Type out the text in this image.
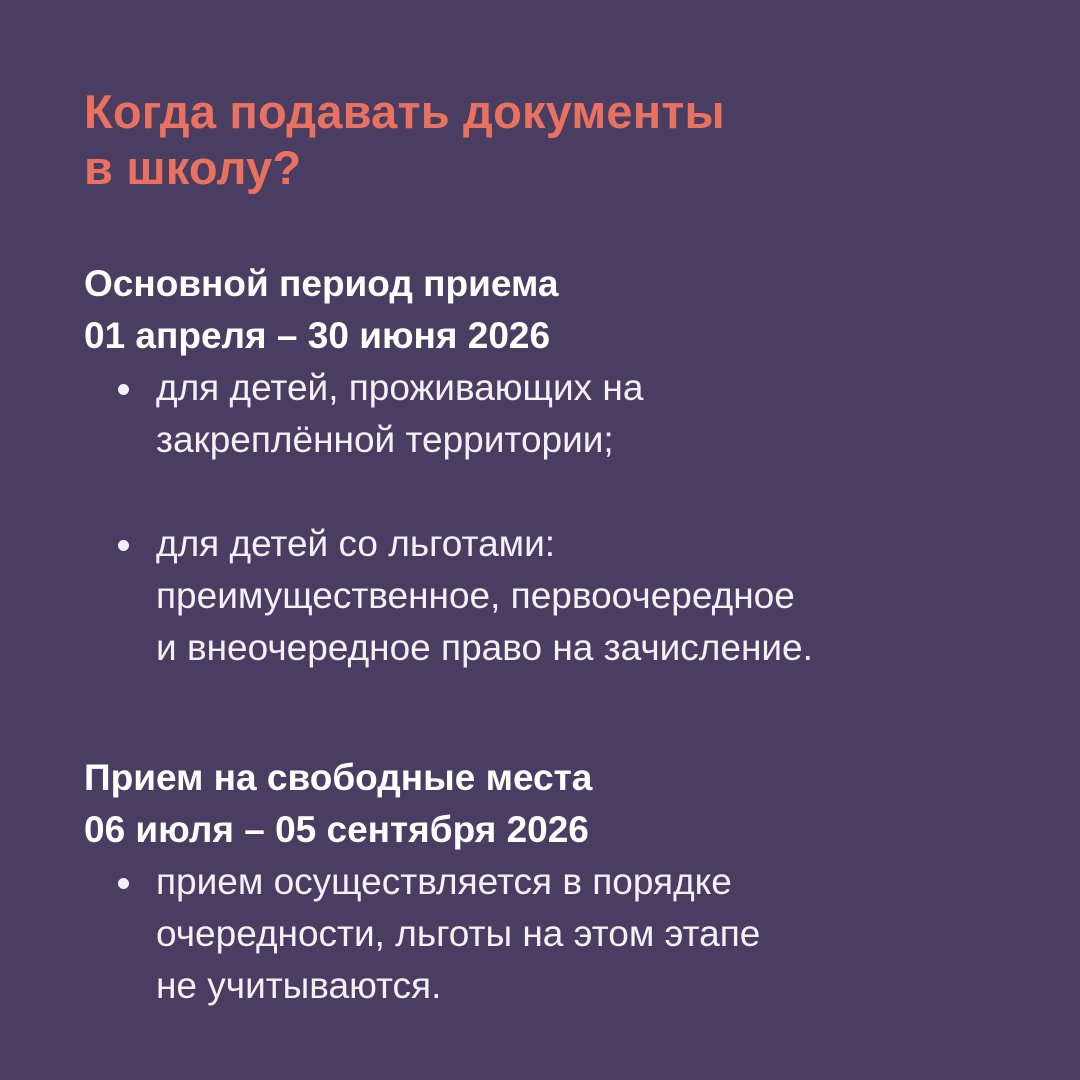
Когда подавать документы
в школу?
Основной период приема
01 апреля – 30 июня 2026
для детей, проживающих на
закреплённой территории;
для детей со льготами:
преимущественное, первоочередное
и внеочередное право на зачисление.
Прием на свободные места
06 июля – 05 сентября 2026
прием осуществляется в порядке
очередности, льготы на этом этапе
не учитываются.
